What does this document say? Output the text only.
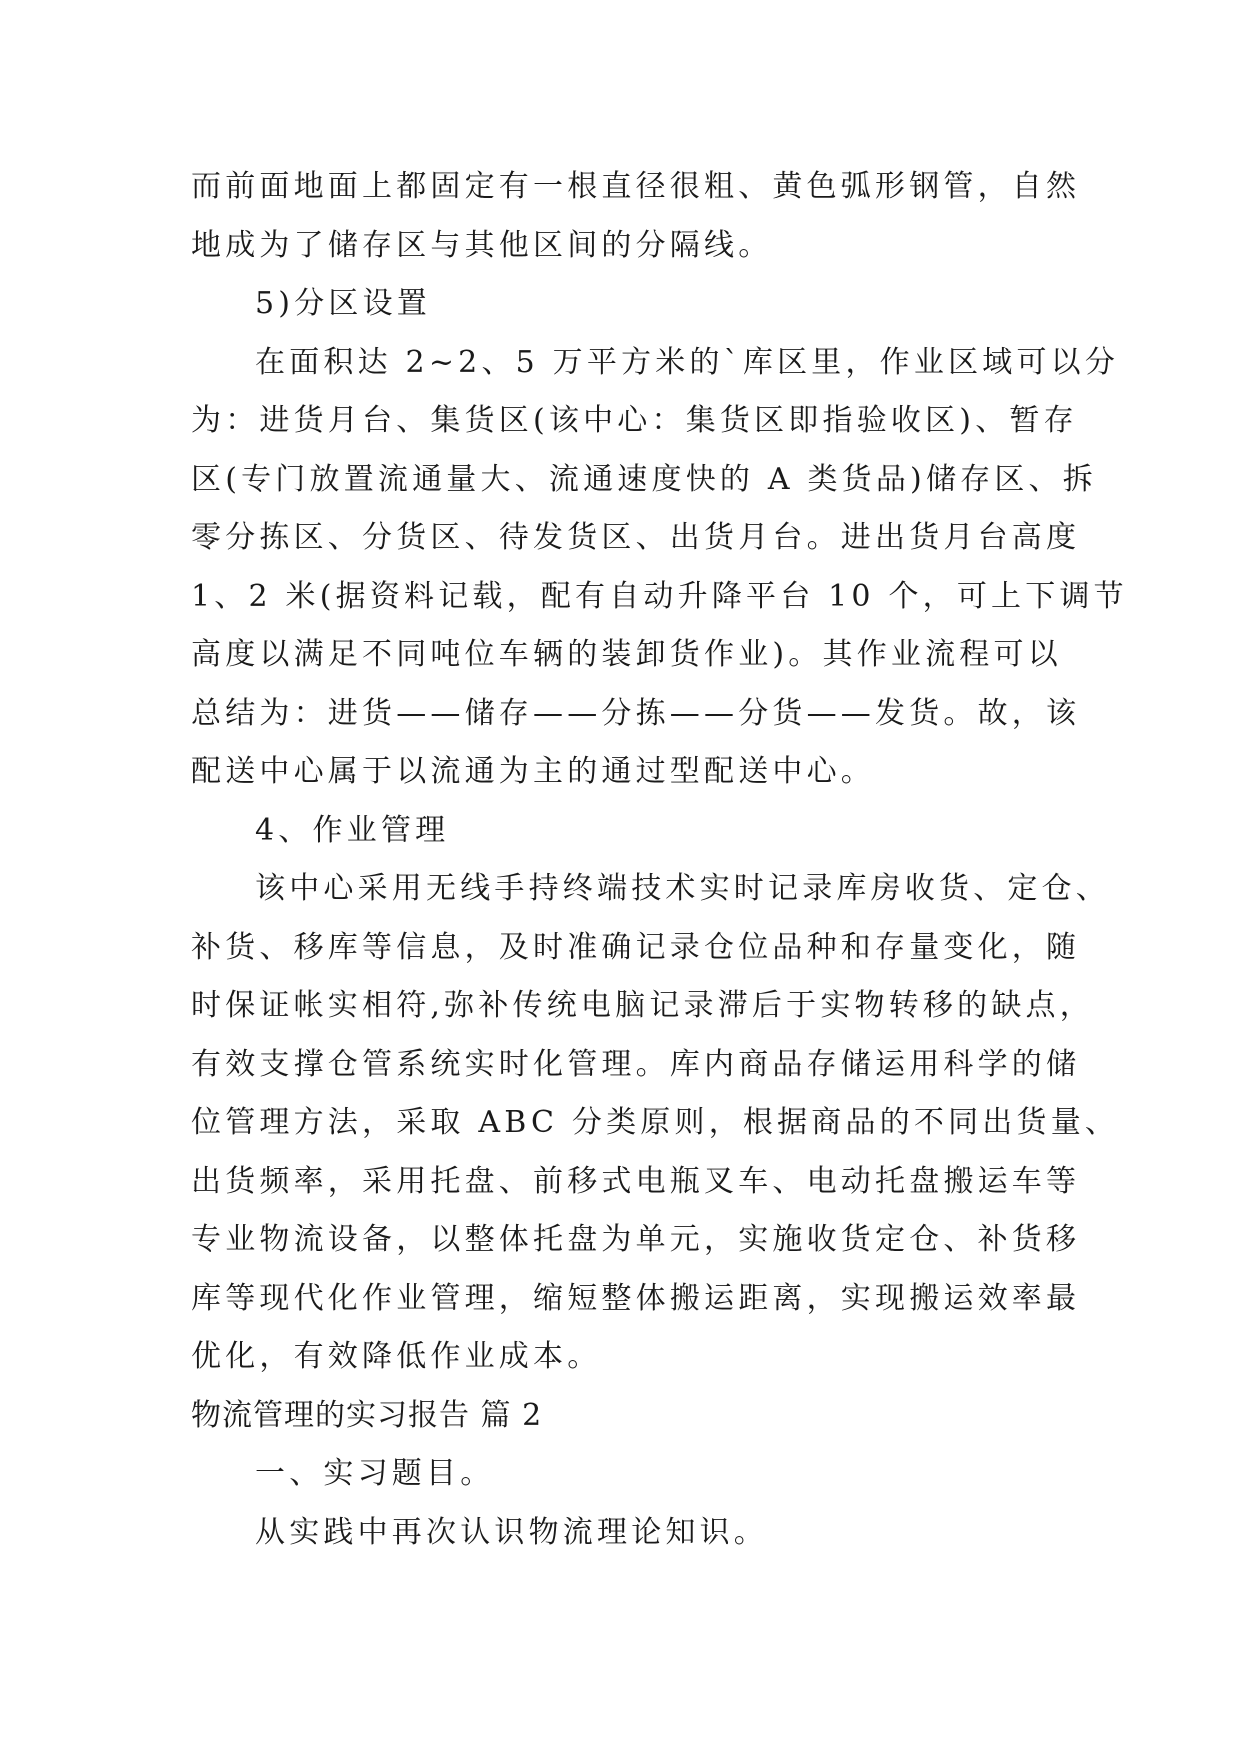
而前面地面上都固定有一根直径很粗、黄色弧形钢管，自然
地成为了储存区与其他区间的分隔线。
5)分区设置
在面积达 2~2、5 万平方米的`库区里，作业区域可以分
为：进货月台、集货区(该中心：集货区即指验收区)、暂存
区(专门放置流通量大、流通速度快的 A 类货品)储存区、拆
零分拣区、分货区、待发货区、出货月台。进出货月台高度
1、2 米(据资料记载，配有自动升降平台 10 个，可上下调节
高度以满足不同吨位车辆的装卸货作业)。其作业流程可以
总结为：进货——储存——分拣——分货——发货。故，该
配送中心属于以流通为主的通过型配送中心。
4、作业管理
该中心采用无线手持终端技术实时记录库房收货、定仓、
补货、移库等信息，及时准确记录仓位品种和存量变化，随
时保证帐实相符,弥补传统电脑记录滞后于实物转移的缺点，
有效支撑仓管系统实时化管理。库内商品存储运用科学的储
位管理方法，采取 ABC 分类原则，根据商品的不同出货量、
出货频率，采用托盘、前移式电瓶叉车、电动托盘搬运车等
专业物流设备，以整体托盘为单元，实施收货定仓、补货移
库等现代化作业管理，缩短整体搬运距离，实现搬运效率最
优化，有效降低作业成本。
物流管理的实习报告 篇 2
一、实习题目。
从实践中再次认识物流理论知识。
